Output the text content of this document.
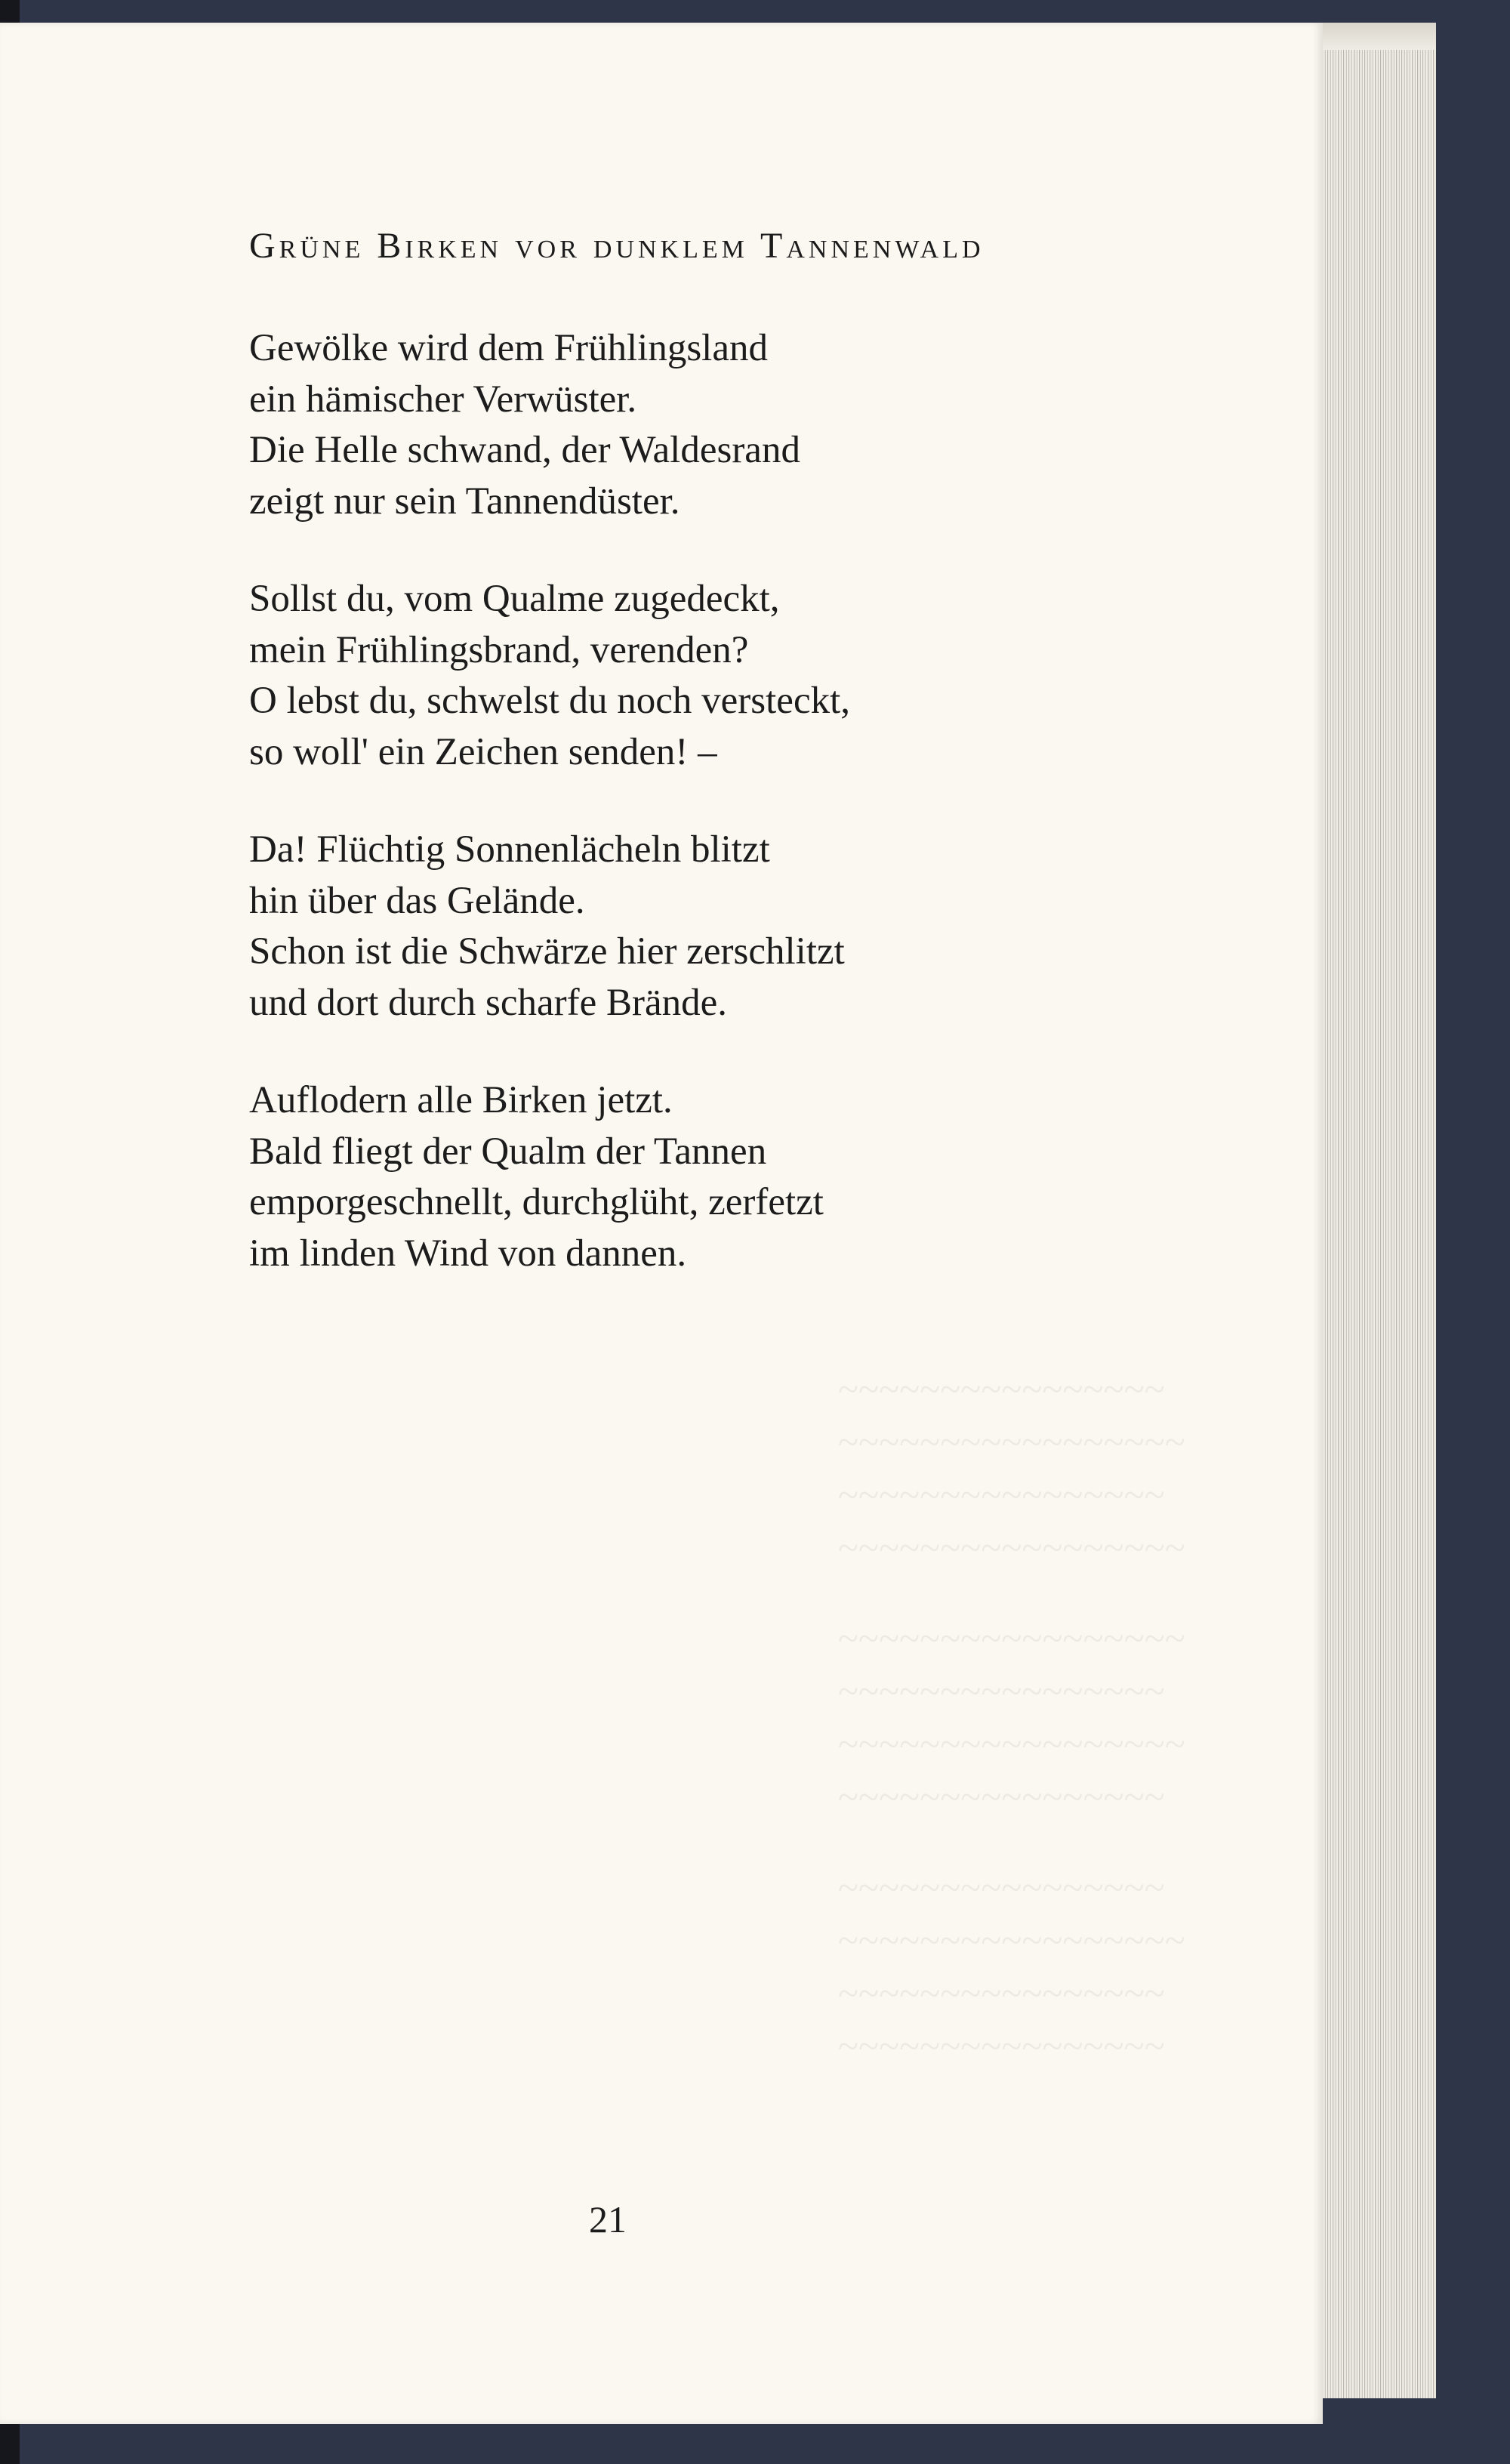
~~~~~~~~~~~~~~~~
~~~~~~~~~~~~~~~~~
~~~~~~~~~~~~~~~~
~~~~~~~~~~~~~~~~~
~~~~~~~~~~~~~~~~~
~~~~~~~~~~~~~~~~
~~~~~~~~~~~~~~~~~
~~~~~~~~~~~~~~~~
~~~~~~~~~~~~~~~~
~~~~~~~~~~~~~~~~~
~~~~~~~~~~~~~~~~
~~~~~~~~~~~~~~~~
Grüne Birken vor dunklem Tannenwald
Gewölke wird dem Frühlingsland
ein hämischer Verwüster.
Die Helle schwand, der Waldesrand
zeigt nur sein Tannendüster.
Sollst du, vom Qualme zugedeckt,
mein Frühlingsbrand, verenden?
O lebst du, schwelst du noch versteckt,
so woll' ein Zeichen senden! –
Da! Flüchtig Sonnenlächeln blitzt
hin über das Gelände.
Schon ist die Schwärze hier zerschlitzt
und dort durch scharfe Brände.
Auflodern alle Birken jetzt.
Bald fliegt der Qualm der Tannen
emporgeschnellt, durchglüht, zerfetzt
im linden Wind von dannen.
21
